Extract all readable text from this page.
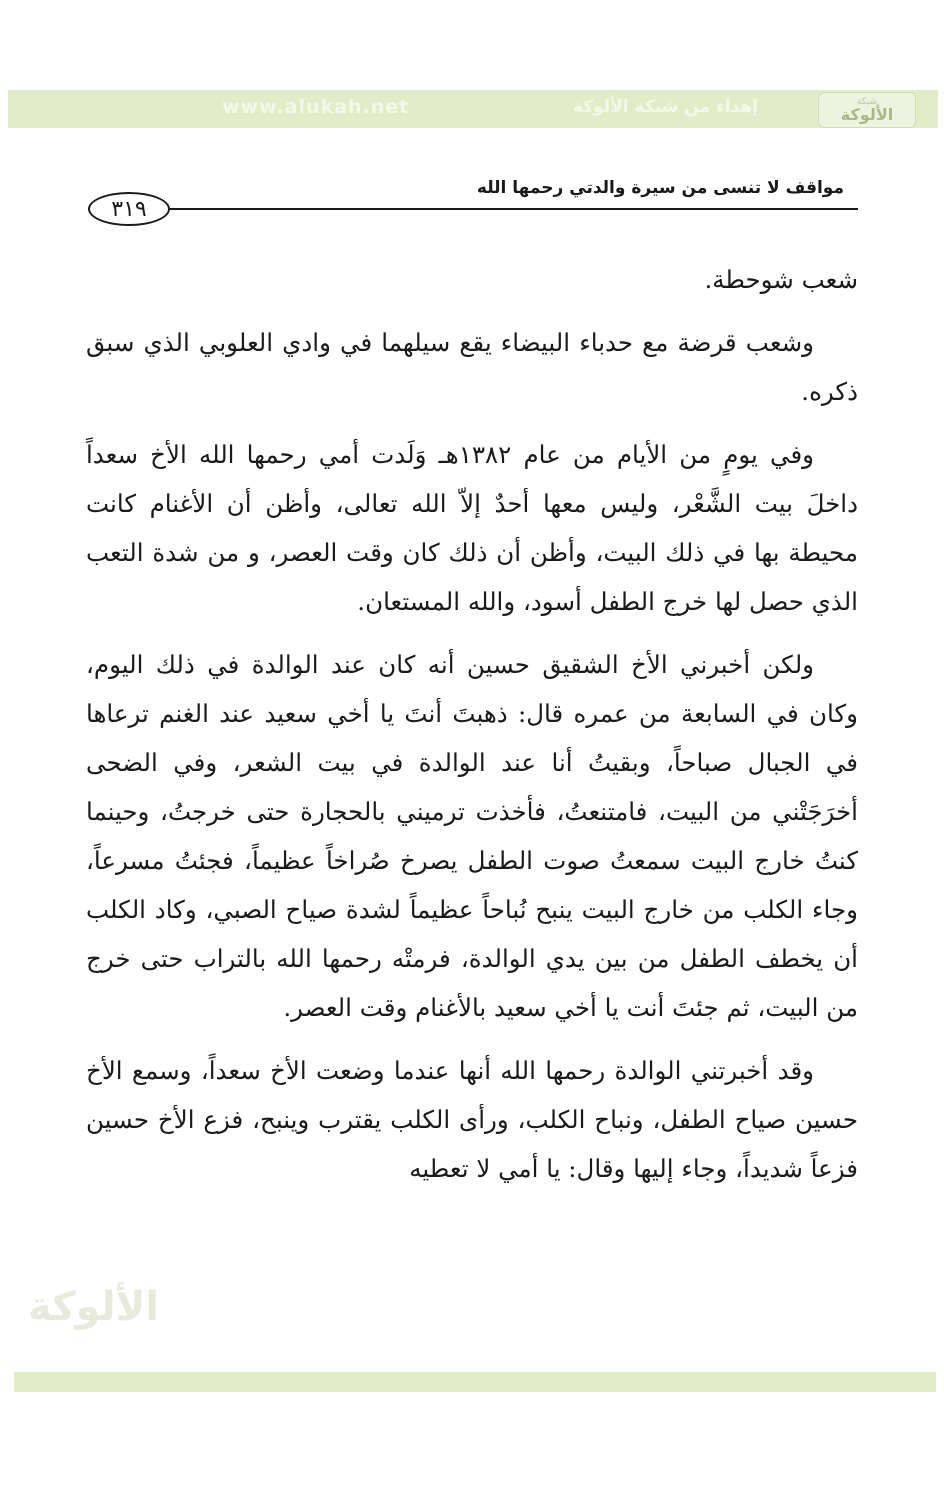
شبكة
الألوكة
إهداء من شبكة الألوكة
www.alukah.net
مواقف لا تنسى من سيرة والدتي رحمها الله
٣١٩

شعب شوحطة.

وشعب قرضة مع حدباء البيضاء يقع سيلهما في وادي العلوبي الذي سبق ذكره.

وفي يومٍ من الأيام من عام ١٣٨٢هـ وَلَدت أمي رحمها الله الأخ سعداً داخلَ بيت الشَّعْر، وليس معها أحدٌ إلاّ الله تعالى، وأظن أن الأغنام كانت محيطة بها في ذلك البيت، وأظن أن ذلك كان وقت العصر، و من شدة التعب الذي حصل لها خرج الطفل أسود، والله المستعان.

ولكن أخبرني الأخ الشقيق حسين أنه كان عند الوالدة في ذلك اليوم، وكان في السابعة من عمره قال: ذهبتَ أنتَ يا أخي سعيد عند الغنم ترعاها في الجبال صباحاً، وبقيتُ أنا عند الوالدة في بيت الشعر، وفي الضحى أخرَجَتْني من البيت، فامتنعتُ، فأخذت ترميني بالحجارة حتى خرجتُ، وحينما كنتُ خارج البيت سمعتُ صوت الطفل يصرخ صُراخاً عظيماً، فجئتُ مسرعاً، وجاء الكلب من خارج البيت ينبح نُباحاً عظيماً لشدة صياح الصبي، وكاد الكلب أن يخطف الطفل من بين يدي الوالدة، فرمتْه رحمها الله بالتراب حتى خرج من البيت، ثم جئتَ أنت يا أخي سعيد بالأغنام وقت العصر.

وقد أخبرتني الوالدة رحمها الله أنها عندما وضعت الأخ سعداً، وسمع الأخ حسين صياح الطفل، ونباح الكلب، ورأى الكلب يقترب وينبح، فزع الأخ حسين فزعاً شديداً، وجاء إليها وقال: يا أمي لا تعطيه

الألوكة
